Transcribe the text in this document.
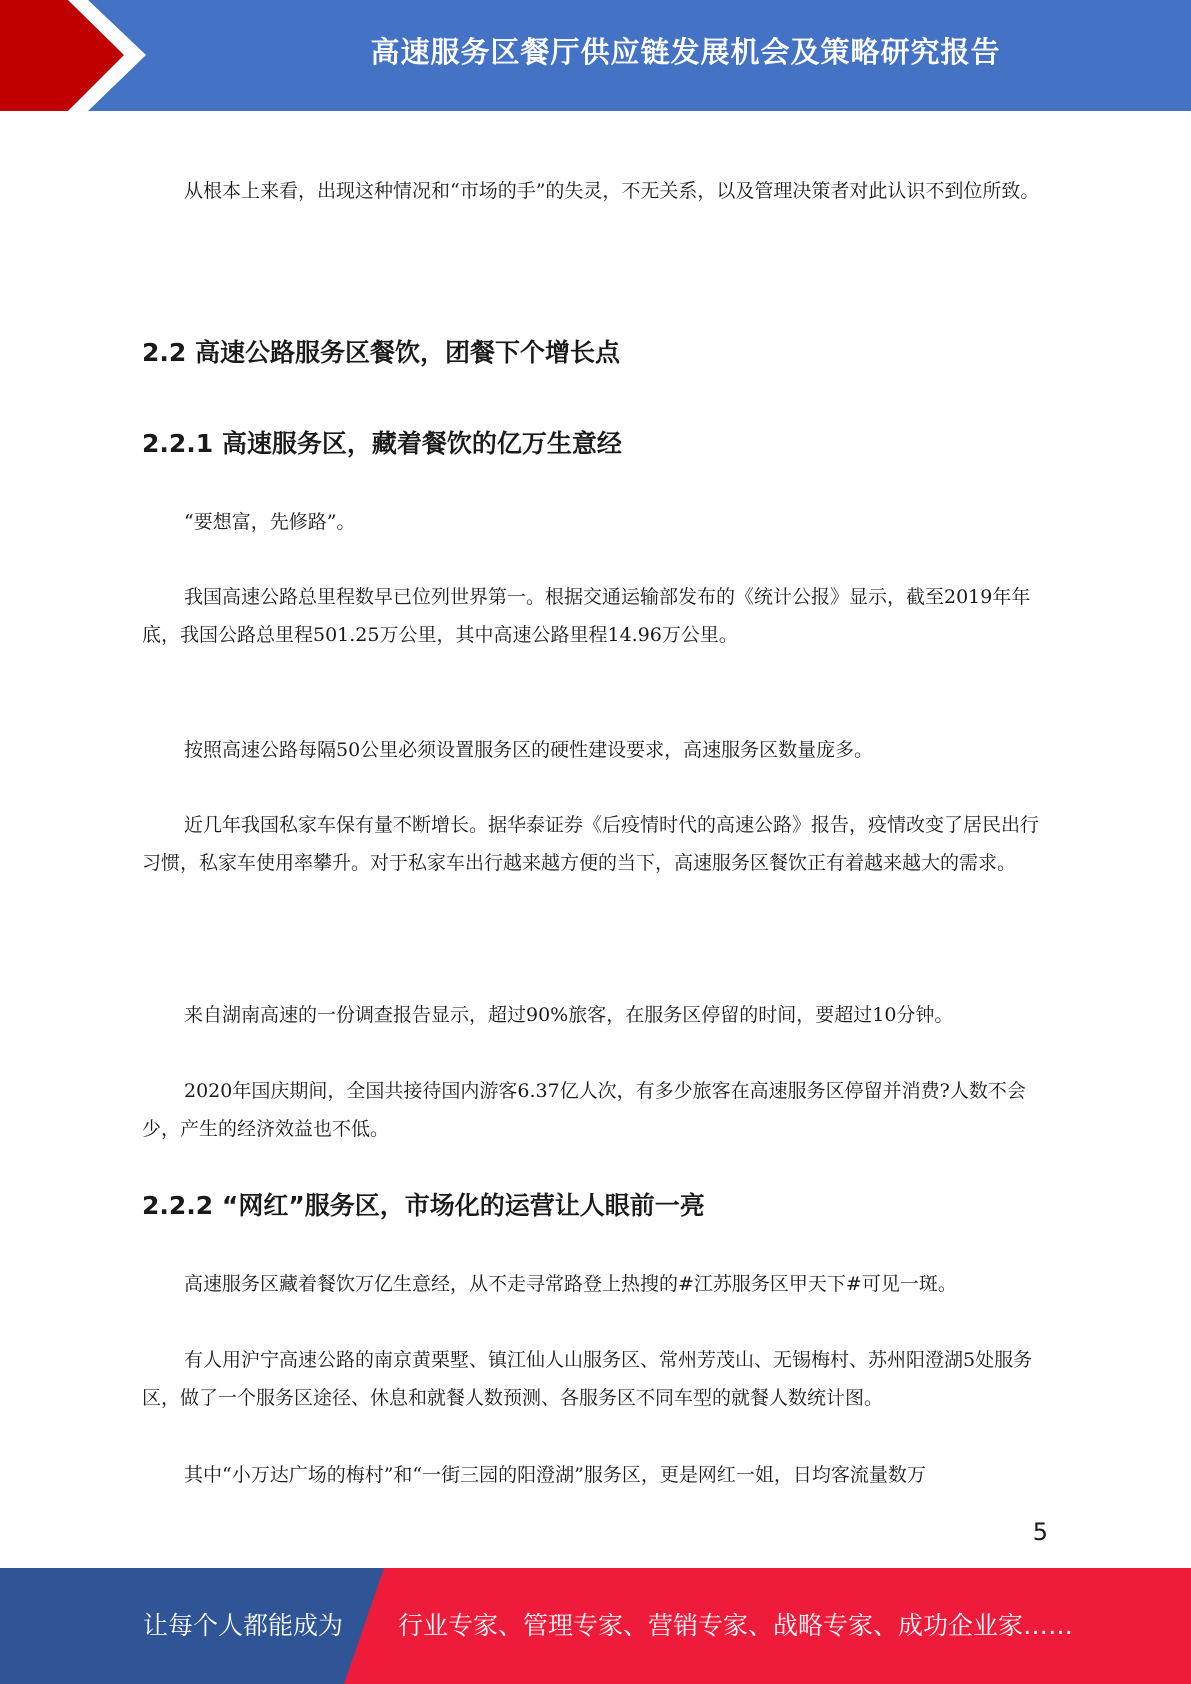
高速服务区餐厅供应链发展机会及策略研究报告

从根本上来看，出现这种情况和“市场的手”的失灵，不无关系，以及管理决策者对此认识不到位所致。

2.2 高速公路服务区餐饮，团餐下个增长点
2.2.1 高速服务区，藏着餐饮的亿万生意经

“要想富，先修路”。

我国高速公路总里程数早已位列世界第一。根据交通运输部发布的《统计公报》显示，截至2019年年底，我国公路总里程501.25万公里，其中高速公路里程14.96万公里。

按照高速公路每隔50公里必须设置服务区的硬性建设要求，高速服务区数量庞多。

近几年我国私家车保有量不断增长。据华泰证券《后疫情时代的高速公路》报告，疫情改变了居民出行习惯，私家车使用率攀升。对于私家车出行越来越方便的当下，高速服务区餐饮正有着越来越大的需求。

来自湖南高速的一份调查报告显示，超过90%旅客，在服务区停留的时间，要超过10分钟。

2020年国庆期间，全国共接待国内游客6.37亿人次，有多少旅客在高速服务区停留并消费?人数不会少，产生的经济效益也不低。

2.2.2 “网红”服务区，市场化的运营让人眼前一亮

高速服务区藏着餐饮万亿生意经，从不走寻常路登上热搜的#江苏服务区甲天下#可见一斑。

有人用沪宁高速公路的南京黄栗墅、镇江仙人山服务区、常州芳茂山、无锡梅村、苏州阳澄湖5处服务区，做了一个服务区途径、休息和就餐人数预测、各服务区不同车型的就餐人数统计图。

其中“小万达广场的梅村”和“一街三园的阳澄湖”服务区，更是网红一姐，日均客流量数万

5
让每个人都能成为 行业专家、管理专家、营销专家、战略专家、成功企业家……
